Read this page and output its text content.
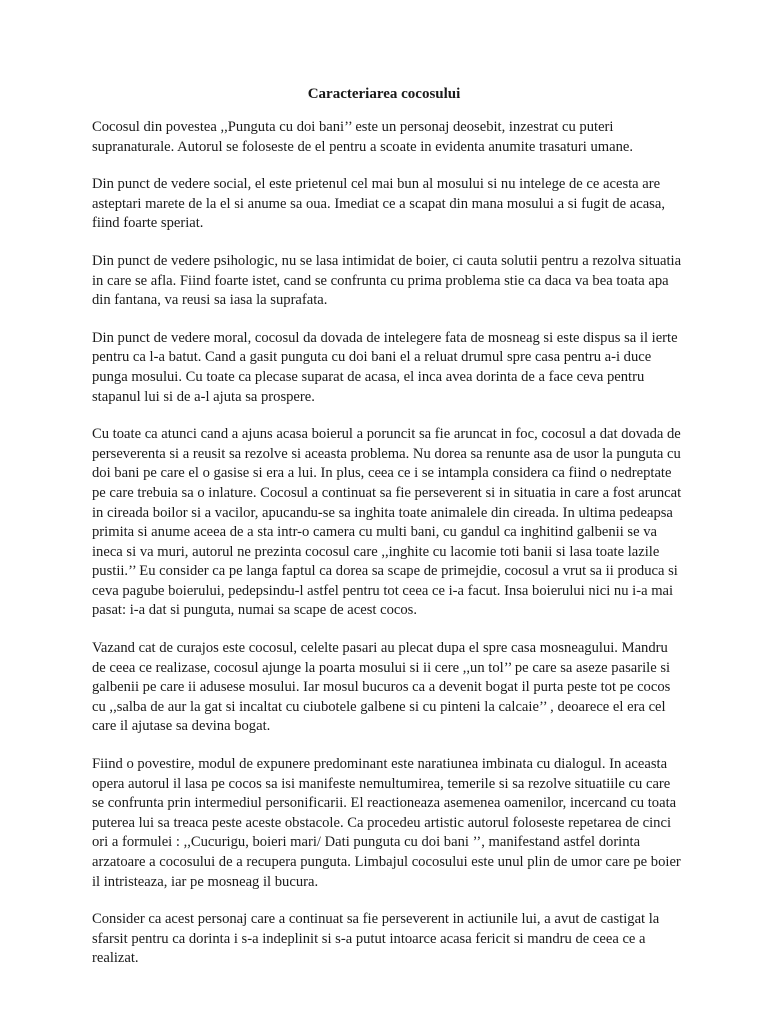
Caracteriarea cocosului

Cocosul din povestea ,,Punguta cu doi bani’’ este un personaj deosebit, inzestrat cu puteri supranaturale. Autorul se foloseste de el pentru a scoate in evidenta anumite trasaturi umane.

Din punct de vedere social, el este prietenul cel mai bun al mosului si nu intelege de ce acesta are asteptari marete de la el si anume sa oua. Imediat ce a scapat din mana mosului a si fugit de acasa, fiind foarte speriat.

Din punct de vedere psihologic, nu se lasa intimidat de boier, ci cauta solutii pentru a rezolva situatia in care se afla. Fiind foarte istet, cand se confrunta cu prima problema stie ca daca va bea toata apa din fantana, va reusi sa iasa la suprafata.

Din punct de vedere moral, cocosul da dovada de intelegere fata de mosneag si este dispus sa il ierte pentru ca l-a batut. Cand a gasit punguta cu doi bani el a reluat drumul spre casa pentru a-i duce punga mosului. Cu toate ca plecase suparat de acasa, el inca avea dorinta de a face ceva pentru stapanul lui si de a-l ajuta sa prospere.

Cu toate ca atunci cand a ajuns acasa boierul a poruncit sa fie aruncat in foc, cocosul a dat dovada de perseverenta si a reusit sa rezolve si aceasta problema. Nu dorea sa renunte asa de usor la punguta cu doi bani pe care el o gasise si era a lui. In plus, ceea ce i se intampla considera ca fiind o nedreptate pe care trebuia sa o inlature. Cocosul a continuat sa fie perseverent si in situatia in care a fost aruncat in cireada boilor si a vacilor, apucandu-se sa inghita toate animalele din cireada. In ultima pedeapsa primita si anume aceea de a sta intr-o camera cu multi bani, cu gandul ca inghitind galbenii se va ineca si va muri, autorul ne prezinta cocosul care ,,inghite cu lacomie toti banii si lasa toate lazile pustii.’’ Eu consider ca pe langa faptul ca dorea sa scape de primejdie, cocosul a vrut sa ii produca si ceva pagube boierului, pedepsindu-l astfel pentru tot ceea ce i-a facut. Insa boierului nici nu i-a mai pasat: i-a dat si punguta, numai sa scape de acest cocos.

Vazand cat de curajos este cocosul, celelte pasari au plecat dupa el spre casa mosneagului. Mandru de ceea ce realizase, cocosul ajunge la poarta mosului si ii cere ,,un tol’’ pe care sa aseze pasarile si galbenii pe care ii adusese mosului. Iar mosul bucuros ca a devenit bogat il purta peste tot pe cocos cu ,,salba de aur la gat si incaltat cu ciubotele galbene si cu pinteni la calcaie’’ , deoarece el era cel care il ajutase sa devina bogat.

Fiind o povestire, modul de expunere predominant este naratiunea imbinata cu dialogul. In aceasta opera autorul il lasa pe cocos sa isi manifeste nemultumirea, temerile si sa rezolve situatiile cu care se confrunta prin intermediul personificarii. El reactioneaza asemenea oamenilor, incercand cu toata puterea lui sa treaca peste aceste obstacole. Ca procedeu artistic autorul foloseste repetarea de cinci ori a formulei : ,,Cucurigu, boieri mari/ Dati punguta cu doi bani ’’, manifestand astfel dorinta arzatoare a cocosului de a recupera punguta. Limbajul cocosului este unul plin de umor care pe boier il intristeaza, iar pe mosneag il bucura.

Consider ca acest personaj care a continuat sa fie perseverent in actiunile lui, a avut de castigat la sfarsit pentru ca dorinta i s-a indeplinit si s-a putut intoarce acasa fericit si mandru de ceea ce a realizat.
